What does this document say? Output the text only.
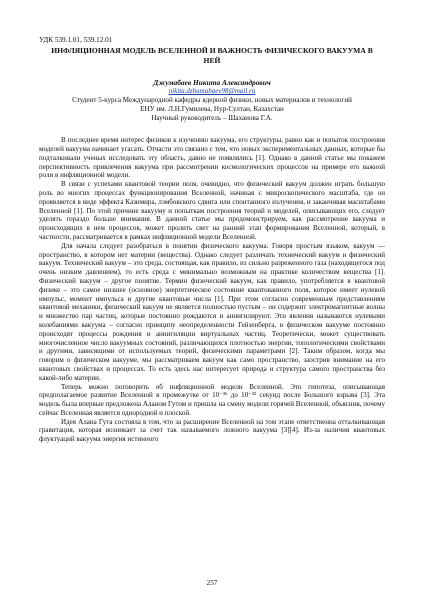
УДК 539.1.01, 539.12.01
ИНФЛЯЦИОННАЯ МОДЕЛЬ ВСЕЛЕННОЙ И ВАЖНОСТЬ ФИЗИЧЕСКОГО ВАКУУМА В НЕЙ
Джумабаев Никита Александрович
nikita.dzhumabaev98@mail.ru
Студент 5-курса Международной кафедры ядерной физики, новых материалов и технологий
ЕНУ им. Л.Н.Гумилева, Нур-Султан, Казахстан
Научный руководитель – Шаханова Г.А.

В последнее время интерес физиков к изучению вакуума, его структуры, равно как и попыток построения моделей вакуума начинает угасать. Отчасти это связано с тем, что новых экспериментальных данных, которые бы подталкивали ученых исследовать эту область, давно не появлялись [1]. Однако в данной статье мы покажем перспективность привлечения вакуума при рассмотрении космологических процессов на примере его важной роли в инфляционной модели.

В связи с успехами квантовой теории поля, очевидно, что физический вакуум должен играть большую роль во многих процессах функционирования Вселенной, начиная с микроскопического масштаба, где он проявляется в виде эффекта Казимира, лэмбовского сдвига или спонтанного излучения, и заканчивая масштабами Вселенной [1]. По этой причине вакууму и попыткам построения теорий и моделей, описывающих его, следует уделять гораздо больше внимания. В данной статье мы продемонстрируем, как рассмотрение вакуума и происходящих в нем процессов, может пролить свет на ранний этап формирования Вселенной, который, в частности, рассматривается в рамках инфляционной модели Вселенной.

Для начала следует разобраться в понятии физического вакуума. Говоря простым языком, вакуум — пространство, в котором нет материи (вещества). Однако следует различать технический вакуум и физический вакуум. Технический вакуум – это среда, состоящая, как правило, из сильно разреженного газа (находящегося под очень низким давлением), то есть среда с минимально возможным на практике количеством вещества [1]. Физический вакуум – другое понятие. Термин физический вакуум, как правило, употребляется в квантовой физике – это самое низшее (основное) энергетическое состояние квантованного поля, которое имеет нулевой импульс, момент импульса и другие квантовые числа [1]. При этом согласно современным представлениям квантовой механики, физический вакуум не является полностью пустым – он содержит электромагнитные волны и множество пар частиц, которые постоянно рождаются и аннигилируют. Эти явления называются нулевыми колебаниями вакуума – согласно принципу неопределенности Гейзенберга, в физическом вакууме постоянно происходят процессы рождения и аннигиляции виртуальных частиц. Теоретически, может существовать многочисленное число вакуумных состояний, различающихся плотностью энергии, топологическими свойствами и другими, зависящими от используемых теорий, физическими параметрами [2]. Таким образом, когда мы говорим о физическом вакууме, мы рассматриваем вакуум как само пространство, заострив внимание на его квантовых свойствах и процессах. То есть здесь нас интересует природа и структура самого пространства без какой-либо материи.

Теперь можно поговорить об инфляционной модели Вселенной. Это гипотеза, описывающая предполагаемое развитие Вселенной в промежутке от 10⁻³⁶ до 10⁻³² секунд после Большого взрыва [3]. Эта модель была впервые предложена Аланом Гутом и пришла на смену модели горячей Вселенной, объяснив, почему сейчас Вселенная является однородной и плоской.

Идея Алана Гута состояла в том, что за расширение Вселенной на том этапе ответственна отталкивающая гравитация, которая возникает за счет так называемого ложного вакуума [3][4]. Из-за наличия квантовых флуктуаций вакуума энергия истинного

257
